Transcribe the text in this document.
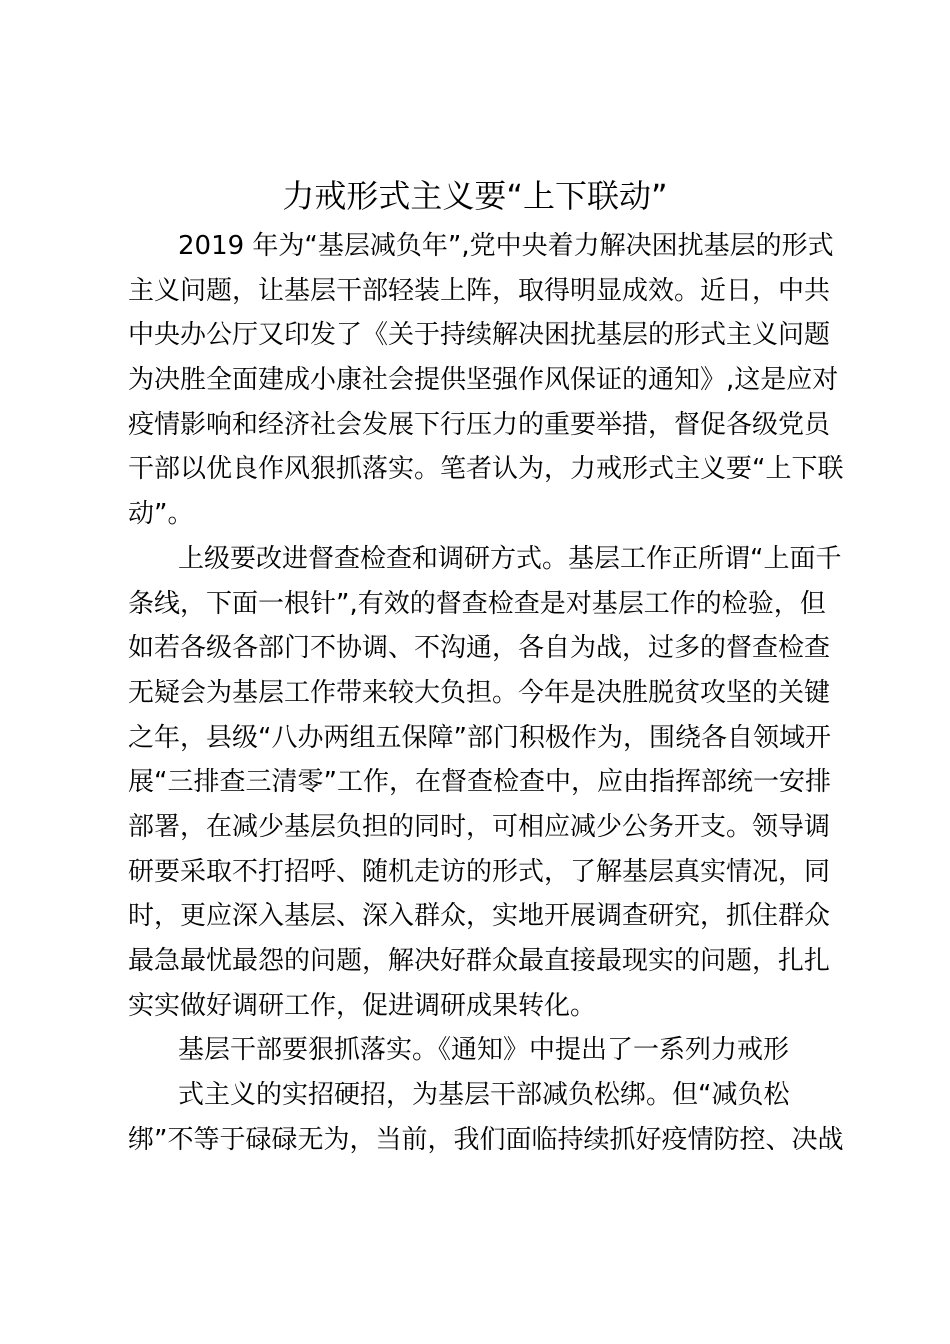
力戒形式主义要“上下联动”
2019 年为“基层减负年”,党中央着力解决困扰基层的形式
主义问题，让基层干部轻装上阵，取得明显成效。近日，中共
中央办公厅又印发了《关于持续解决困扰基层的形式主义问题
为决胜全面建成小康社会提供坚强作风保证的通知》,这是应对
疫情影响和经济社会发展下行压力的重要举措，督促各级党员
干部以优良作风狠抓落实。笔者认为，力戒形式主义要“上下联
动”。
上级要改进督查检查和调研方式。基层工作正所谓“上面千
条线，下面一根针”,有效的督查检查是对基层工作的检验，但
如若各级各部门不协调、不沟通，各自为战，过多的督查检查
无疑会为基层工作带来较大负担。今年是决胜脱贫攻坚的关键
之年，县级“八办两组五保障”部门积极作为，围绕各自领域开
展“三排查三清零”工作，在督查检查中，应由指挥部统一安排
部署，在减少基层负担的同时，可相应减少公务开支。领导调
研要采取不打招呼、随机走访的形式，了解基层真实情况，同
时，更应深入基层、深入群众，实地开展调查研究，抓住群众
最急最忧最怨的问题，解决好群众最直接最现实的问题，扎扎
实实做好调研工作，促进调研成果转化。
基层干部要狠抓落实。《通知》中提出了一系列力戒形
式主义的实招硬招，为基层干部减负松绑。但“减负松
绑”不等于碌碌无为，当前，我们面临持续抓好疫情防控、决战
